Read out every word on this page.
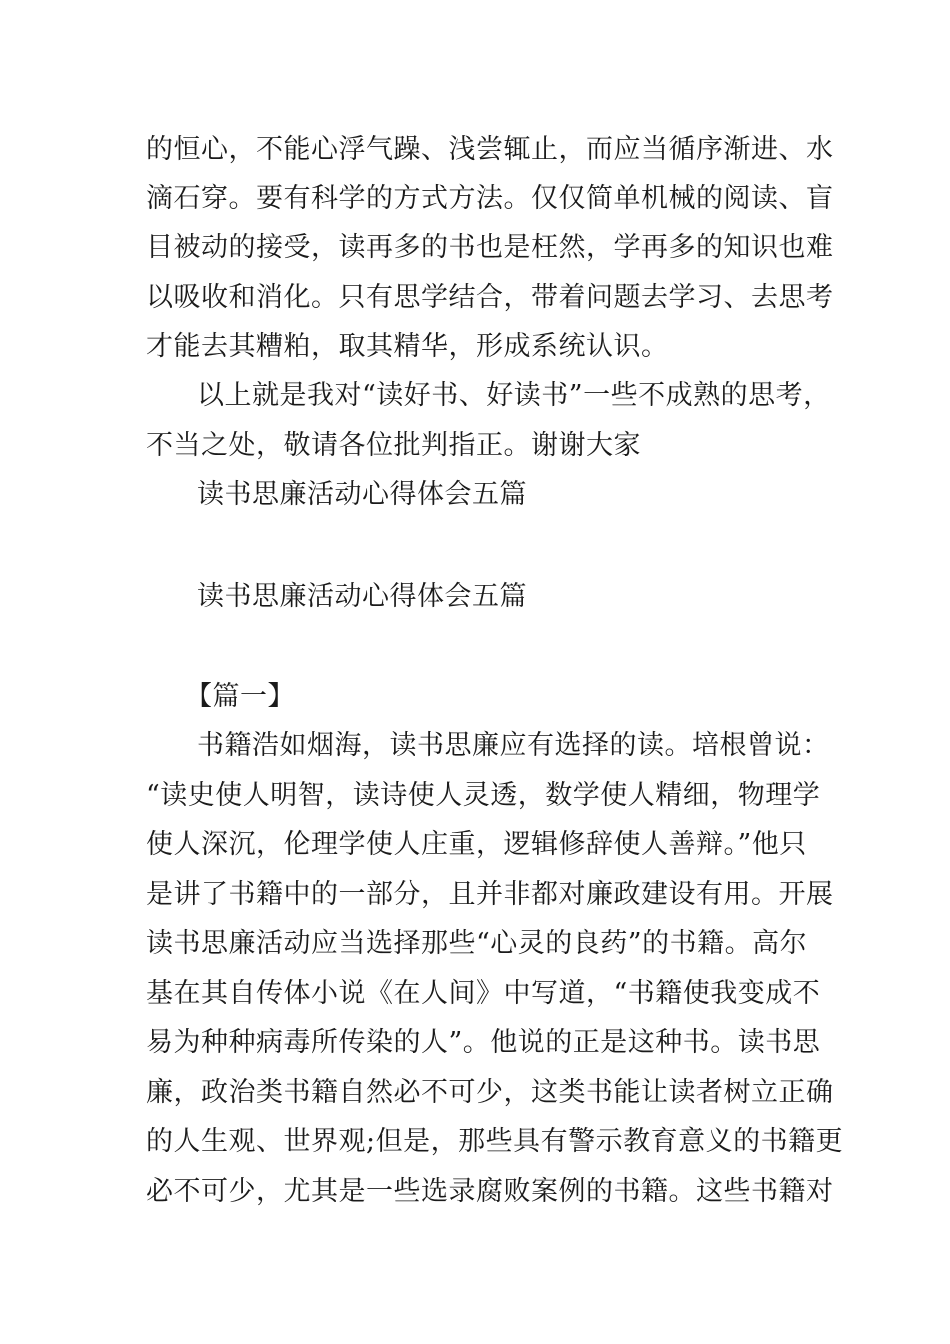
的恒心，不能心浮气躁、浅尝辄止，而应当循序渐进、水
滴石穿。要有科学的方式方法。仅仅简单机械的阅读、盲
目被动的接受，读再多的书也是枉然，学再多的知识也难
以吸收和消化。只有思学结合，带着问题去学习、去思考
才能去其糟粕，取其精华，形成系统认识。
以上就是我对“读好书、好读书”一些不成熟的思考，
不当之处，敬请各位批判指正。谢谢大家
读书思廉活动心得体会五篇
读书思廉活动心得体会五篇
【篇一】
书籍浩如烟海，读书思廉应有选择的读。培根曾说：
“读史使人明智，读诗使人灵透，数学使人精细，物理学
使人深沉，伦理学使人庄重，逻辑修辞使人善辩。”他只
是讲了书籍中的一部分，且并非都对廉政建设有用。开展
读书思廉活动应当选择那些“心灵的良药”的书籍。高尔
基在其自传体小说《在人间》中写道，“书籍使我变成不
易为种种病毒所传染的人”。他说的正是这种书。读书思
廉，政治类书籍自然必不可少，这类书能让读者树立正确
的人生观、世界观;但是，那些具有警示教育意义的书籍更
必不可少，尤其是一些选录腐败案例的书籍。这些书籍对
